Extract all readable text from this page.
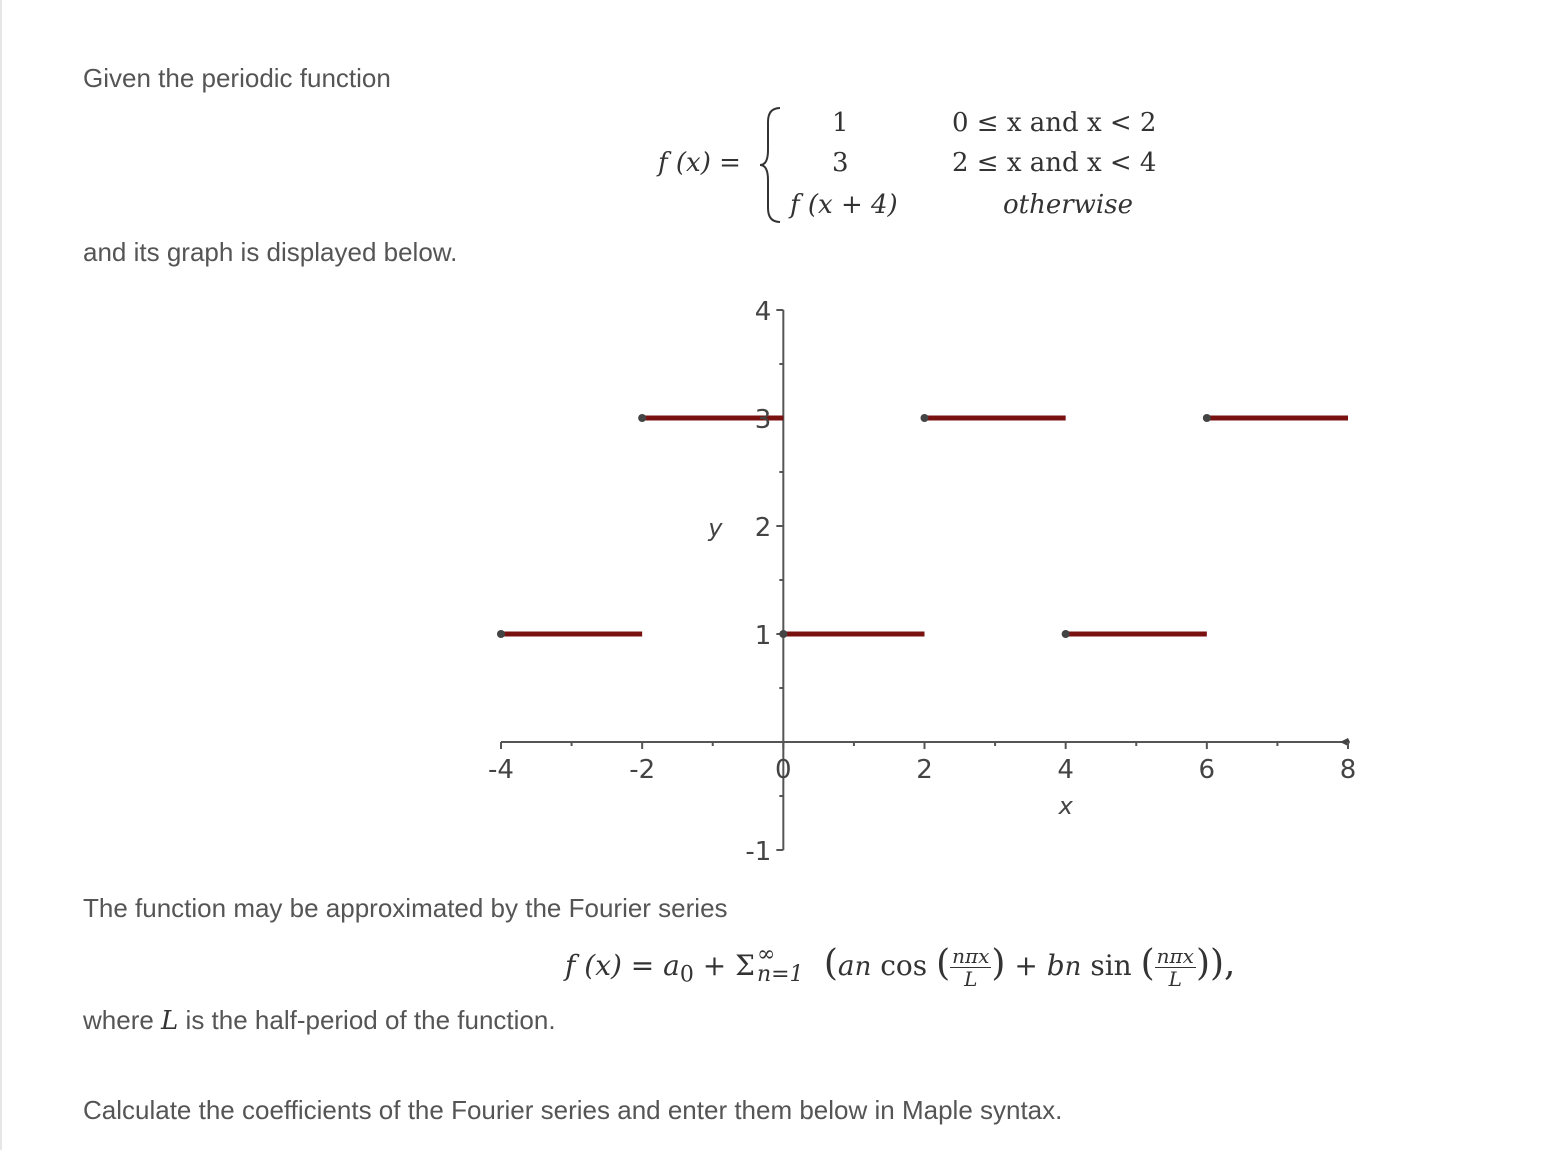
Given the periodic function

f (x) =
1
3
f (x + 4)
0 ≤ x and x < 2
2 ≤ x and x < 4
otherwise

and its graph is displayed below.

-4	-2	0	2	4	6	8
-1
1
2
3
4
x
y

The function may be approximated by the Fourier series

f $(x) = a_0 + \Sigma$ ∞
n=1 (an cos ( nπx
L ) + bn sin ( nπx
L )),

where L is the half-period of the function.

Calculate the coefficients of the Fourier series and enter them below in Maple syntax.
